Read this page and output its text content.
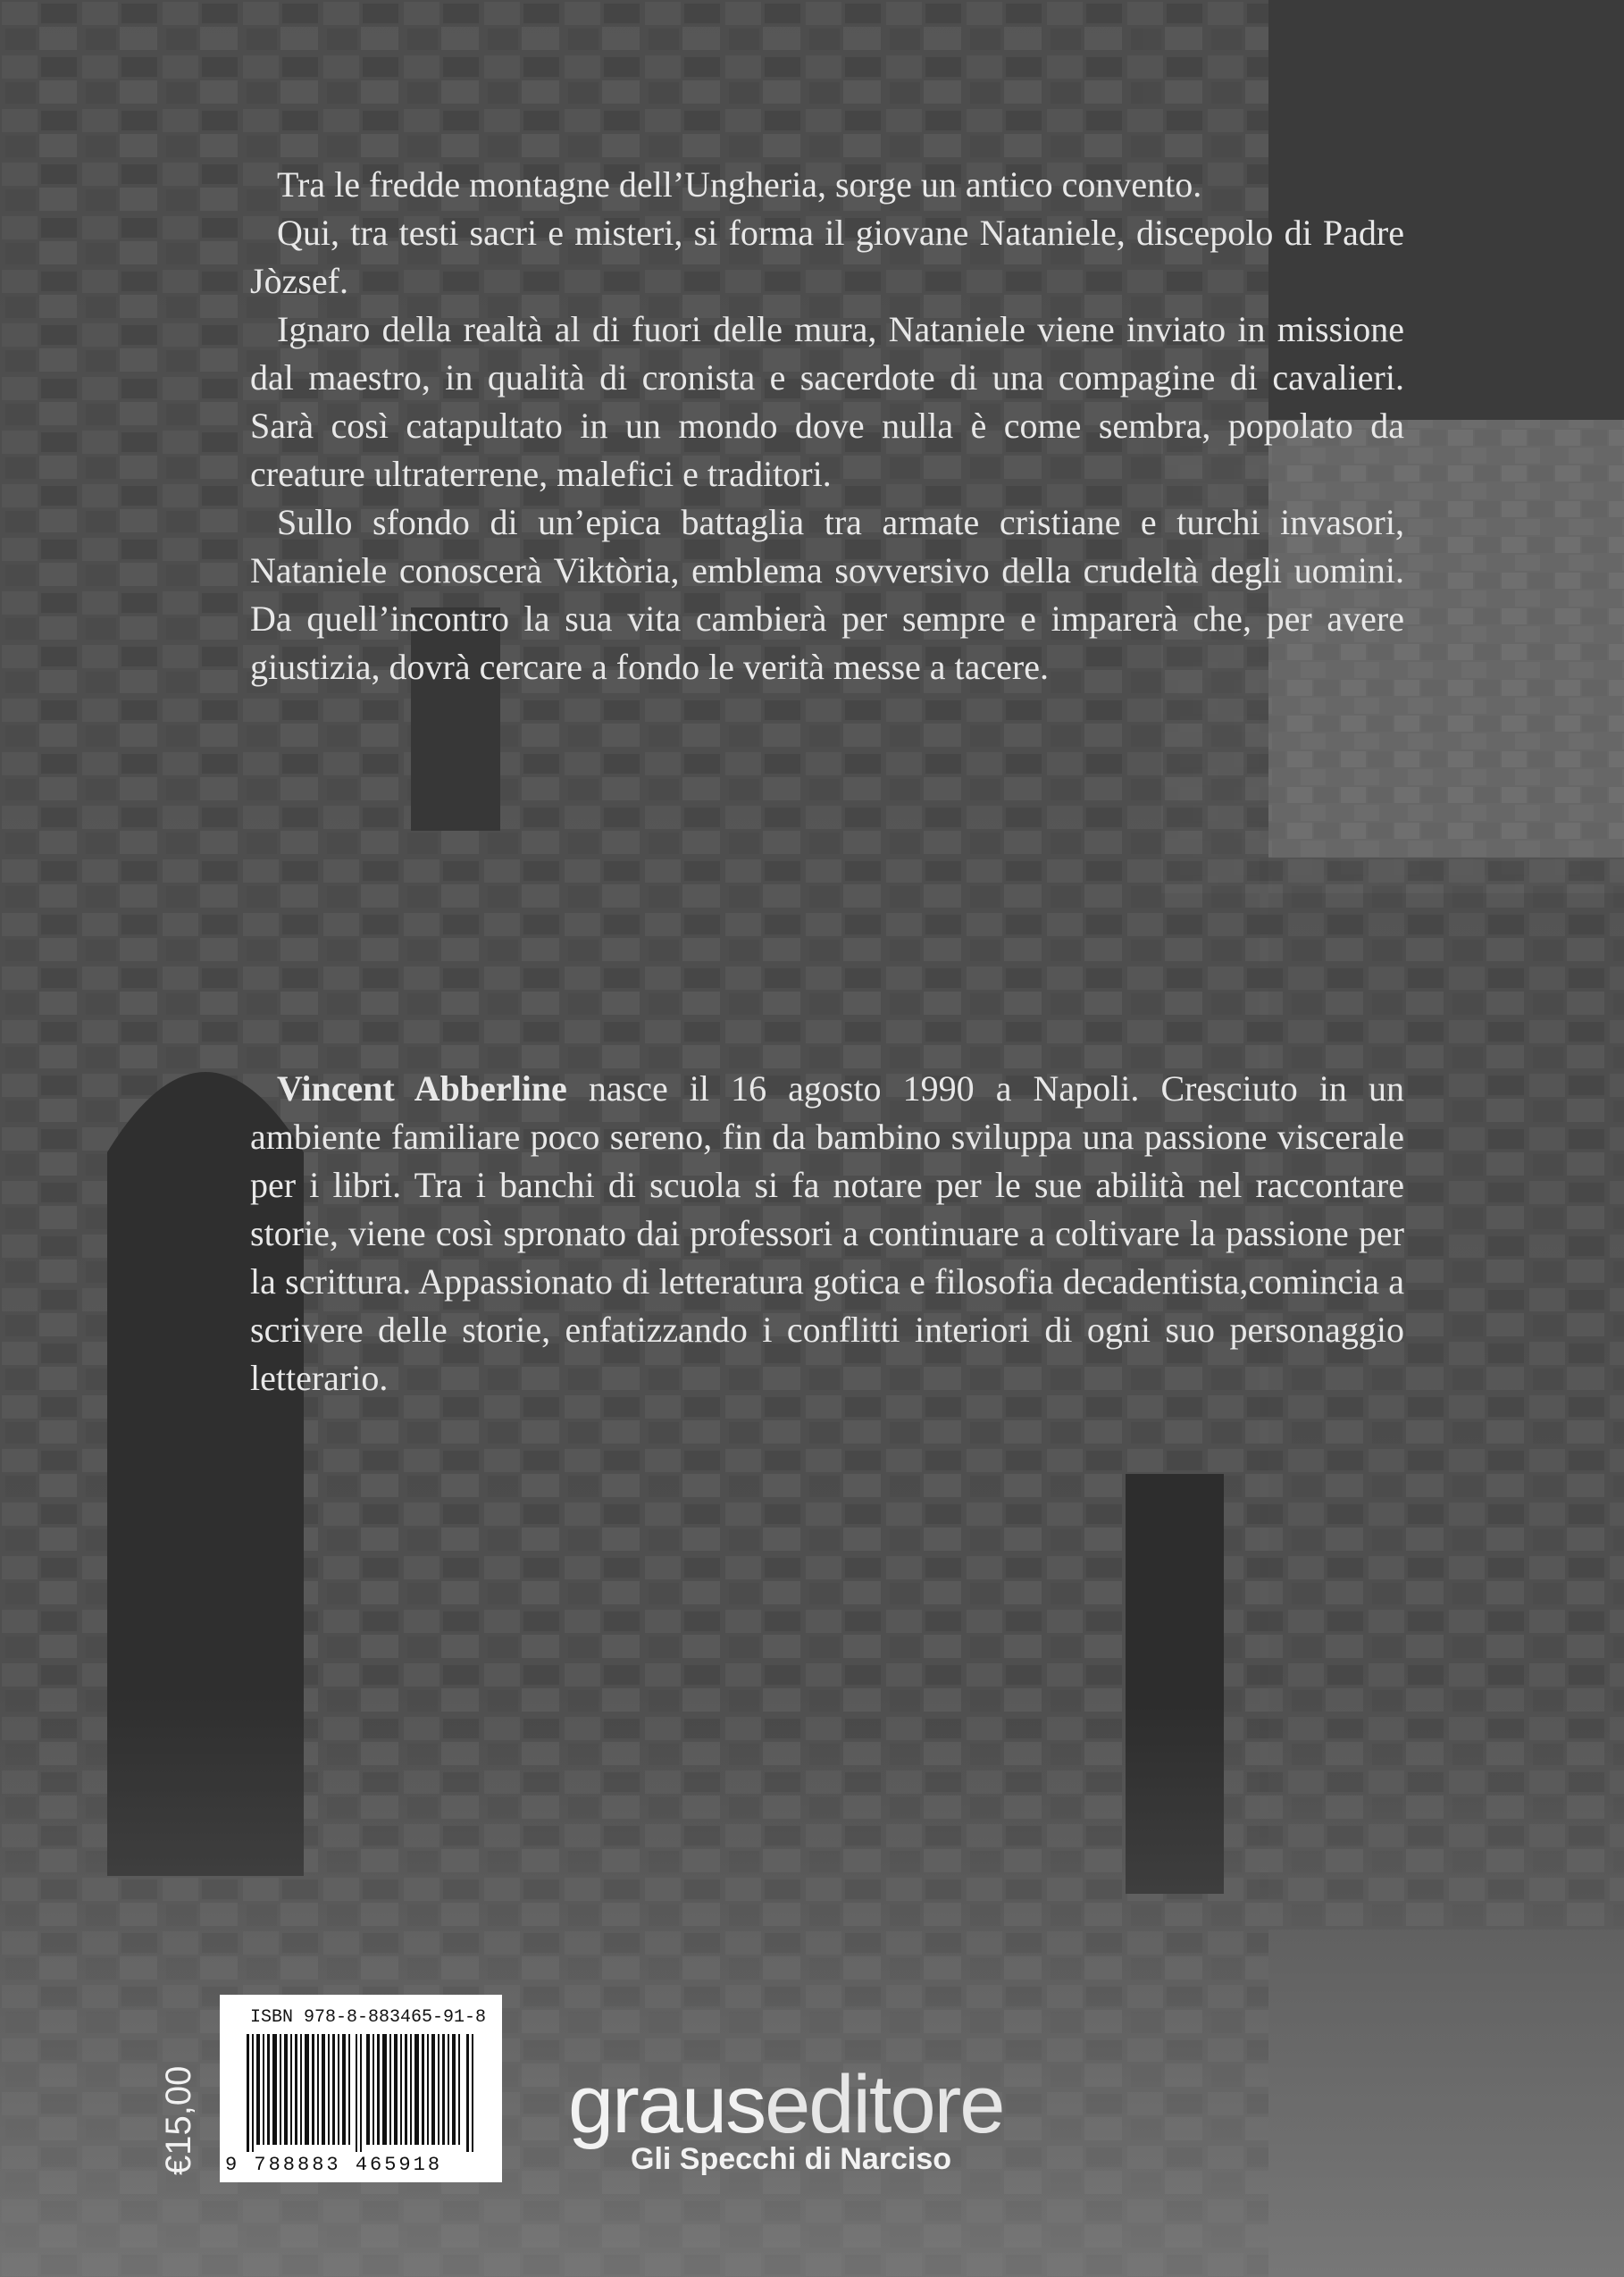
Tra le fredde montagne dell’Ungheria, sorge un antico convento.

Qui, tra testi sacri e misteri, si forma il giovane Nataniele, discepolo di Padre Jòzsef.

Ignaro della realtà al di fuori delle mura, Nataniele viene inviato in missione dal maestro, in qualità di cronista e sacerdote di una compagine di cavalieri. Sarà così catapultato in un mondo dove nulla è come sembra, popolato da creature ultraterrene, malefici e traditori.

Sullo sfondo di un’epica battaglia tra armate cristiane e turchi invasori, Nataniele conoscerà Viktòria, emblema sovversivo della crudeltà degli uomini. Da quell’incontro la sua vita cambierà per sempre e imparerà che, per avere giustizia, dovrà cercare a fondo le verità messe a tacere.

Vincent Abberline nasce il 16 agosto 1990 a Napoli. Cresciuto in un ambiente familiare poco sereno, fin da bambino sviluppa una passione viscerale per i libri. Tra i banchi di scuola si fa notare per le sue abilità nel raccontare storie, viene così spronato dai professori a continuare a coltivare la passione per la scrittura. Appassionato di letteratura gotica e filosofia decadentista,comincia a scrivere delle storie, enfatizzando i conflitti interiori di ogni suo personaggio letterario.

€15,00
ISBN 978-8-883465-91-8
9 788883 465918
grauseditore
Gli Specchi di Narciso
